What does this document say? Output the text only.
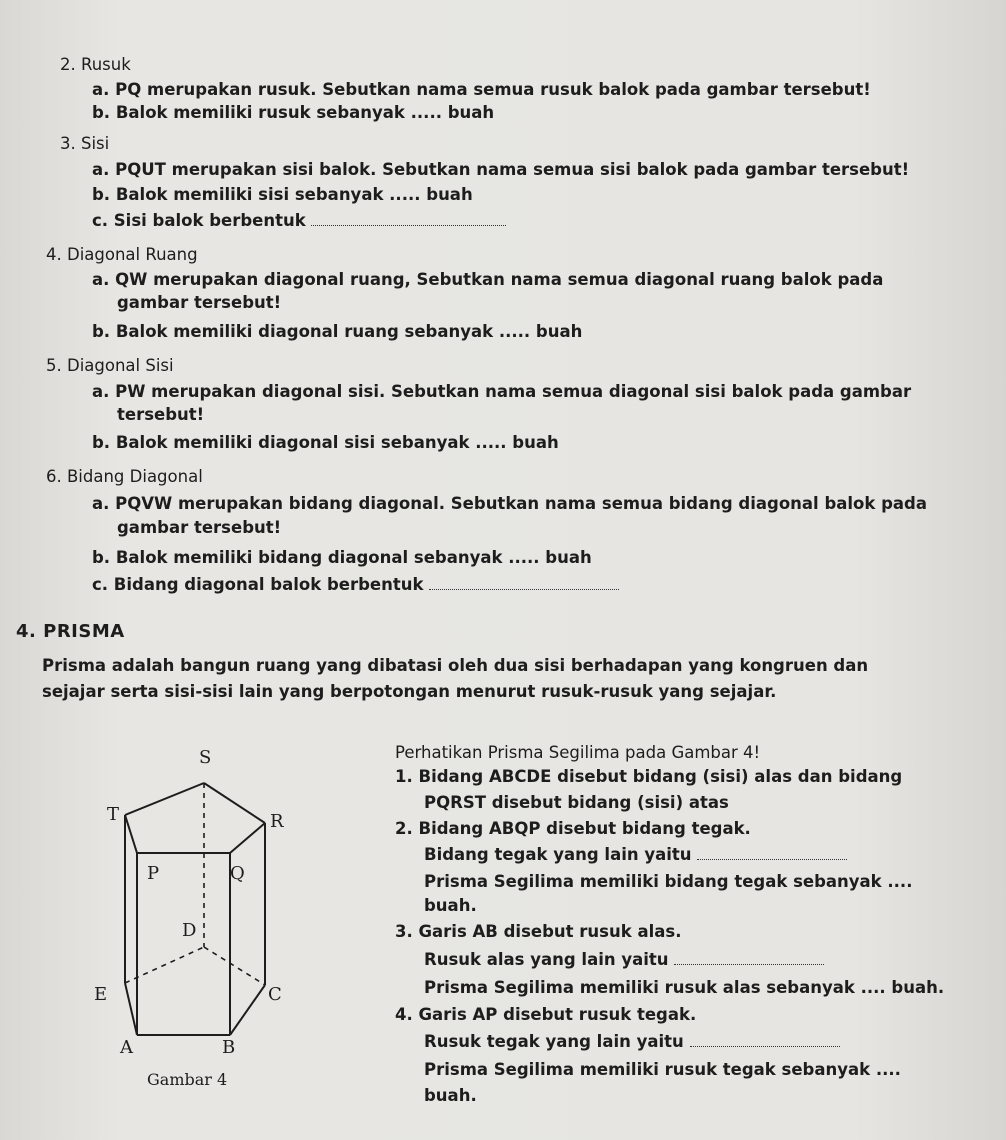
2. Rusuk
a. PQ merupakan rusuk. Sebutkan nama semua rusuk balok pada gambar tersebut!
b. Balok memiliki rusuk sebanyak ..... buah
3. Sisi
a. PQUT merupakan sisi balok. Sebutkan nama semua sisi balok pada gambar tersebut!
b. Balok memiliki sisi sebanyak ..... buah
c. Sisi balok berbentuk
4. Diagonal Ruang
a. QW merupakan diagonal ruang, Sebutkan nama semua diagonal ruang balok pada
gambar tersebut!
b. Balok memiliki diagonal ruang sebanyak ..... buah
5. Diagonal Sisi
a. PW merupakan diagonal sisi. Sebutkan nama semua diagonal sisi balok pada gambar
tersebut!
b. Balok memiliki diagonal sisi sebanyak ..... buah
6. Bidang Diagonal
a. PQVW merupakan bidang diagonal. Sebutkan nama semua bidang diagonal balok pada
gambar tersebut!
b. Balok memiliki bidang diagonal sebanyak ..... buah
c. Bidang diagonal balok berbentuk
4. PRISMA
Prisma adalah bangun ruang yang dibatasi oleh dua sisi berhadapan yang kongruen dan
sejajar serta sisi-sisi lain yang berpotongan menurut rusuk-rusuk yang sejajar.
S
T	R
P	Q
D
E	C
A	B
Gambar 4
Perhatikan Prisma Segilima pada Gambar 4!
1. Bidang ABCDE disebut bidang (sisi) alas dan bidang
PQRST disebut bidang (sisi) atas
2. Bidang ABQP disebut bidang tegak.
Bidang tegak yang lain yaitu
Prisma Segilima memiliki bidang tegak sebanyak ....
buah.
3. Garis AB disebut rusuk alas.
Rusuk alas yang lain yaitu
Prisma Segilima memiliki rusuk alas sebanyak .... buah.
4. Garis AP disebut rusuk tegak.
Rusuk tegak yang lain yaitu
Prisma Segilima memiliki rusuk tegak sebanyak ....
buah.
